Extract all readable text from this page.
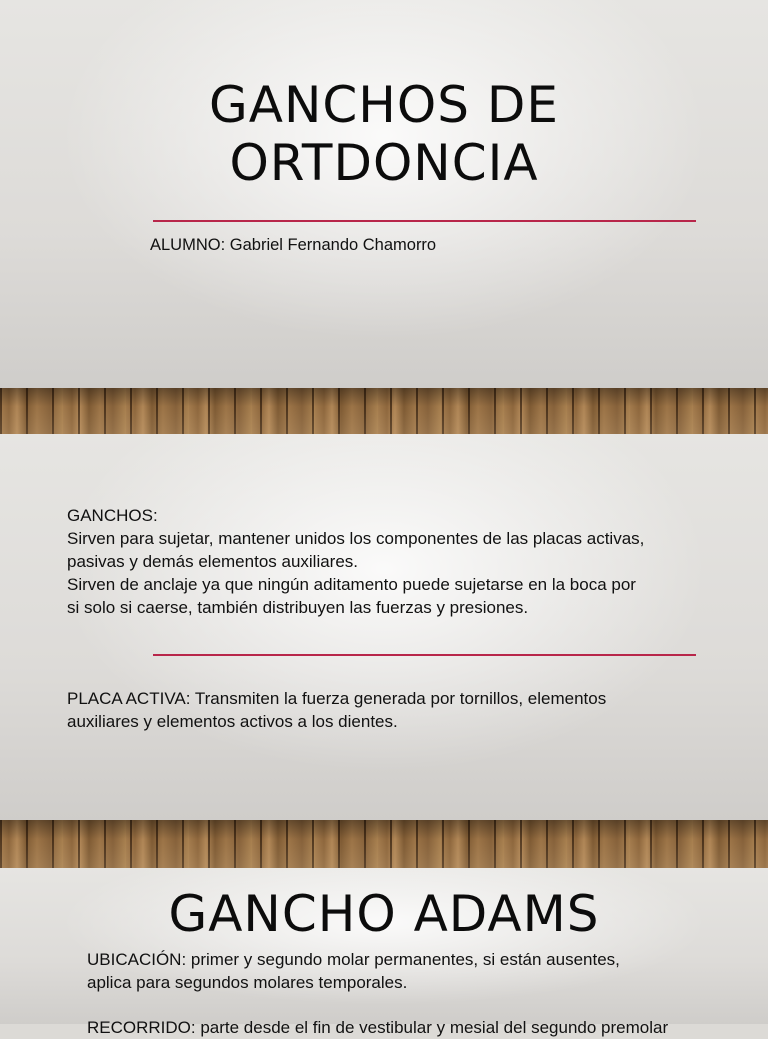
GANCHOS DE
ORTDONCIA

ALUMNO: Gabriel Fernando Chamorro

GANCHOS:
Sirven para sujetar, mantener unidos los componentes de las placas activas,
pasivas y demás elementos auxiliares.
Sirven de anclaje ya que ningún aditamento puede sujetarse en la boca por
si solo si caerse, también distribuyen las fuerzas y presiones.
PLACA ACTIVA: Transmiten la fuerza generada por tornillos, elementos
auxiliares y elementos activos a los dientes.
GANCHO ADAMS
UBICACIÓN: primer y segundo molar permanentes, si están ausentes,
aplica para segundos molares temporales.
RECORRIDO: parte desde el fin de vestibular y mesial del segundo premolar
